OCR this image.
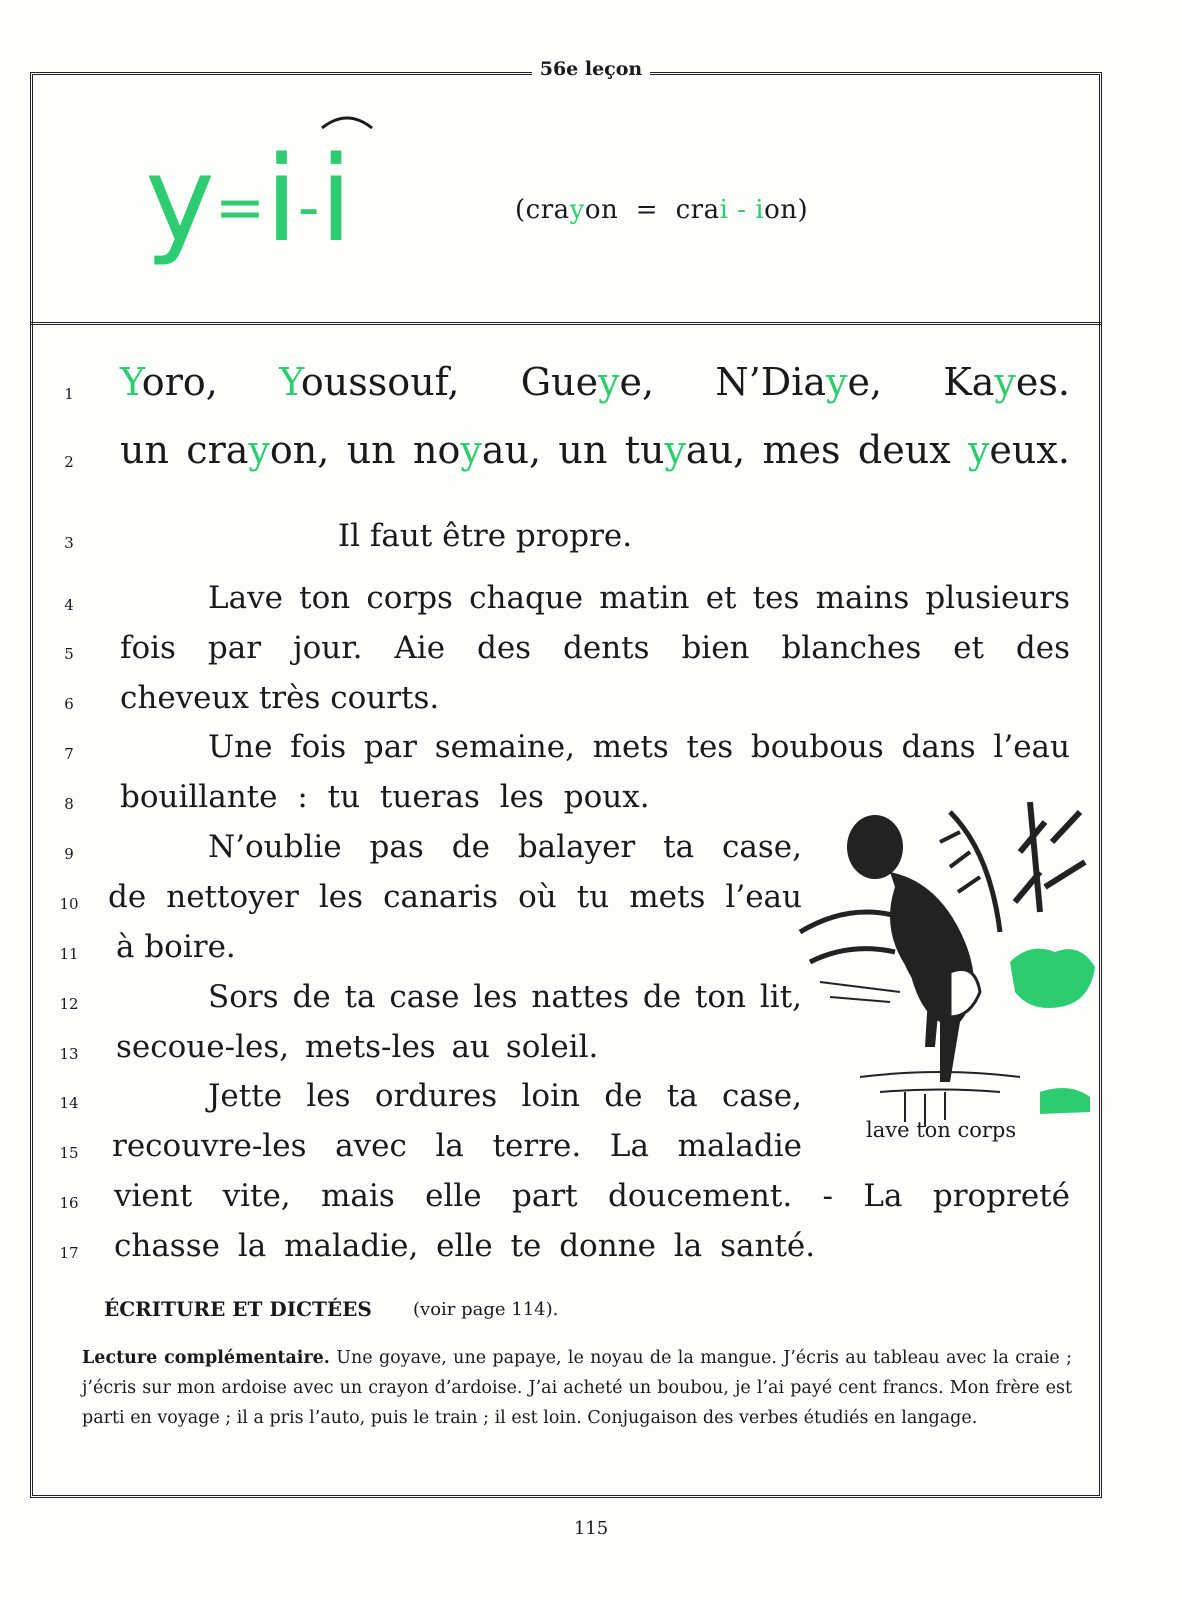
56e leçon
y=i-i	(crayon  =  crai - ion)
1	Yoro, Youssouf, Gueye, N’Diaye, Kayes.
2	un crayon, un noyau, un tuyau, mes deux yeux.
3	Il faut être propre.
4	Lave ton corps chaque matin et tes mains plusieurs
5	fois par jour. Aie des dents bien blanches et des
6	cheveux très courts.
7	Une fois par semaine, mets tes boubous dans l’eau
8	bouillante : tu tueras les poux.
9	N’oublie pas de balayer ta case,
10 de nettoyer les canaris où tu mets l’eau
11 à boire.
12	Sors de ta case les nattes de ton lit,
13 secoue-les, mets-les au soleil.
14	Jette les ordures loin de ta case,
15 recouvre-les avec la terre. La maladie
16 vient vite, mais elle part doucement. - La propreté
17 chasse la maladie, elle te donne la santé.
lave ton corps
ÉCRITURE ET DICTÉES (voir page 114).
Lecture complémentaire. Une goyave, une papaye, le noyau de la mangue. J’écris au tableau avec la craie ; j’écris sur mon ardoise avec un crayon d’ardoise. J’ai acheté un boubou, je l’ai payé cent francs. Mon frère est parti en voyage ; il a pris l’auto, puis le train ; il est loin. Conjugaison des verbes étudiés en langage.
115
